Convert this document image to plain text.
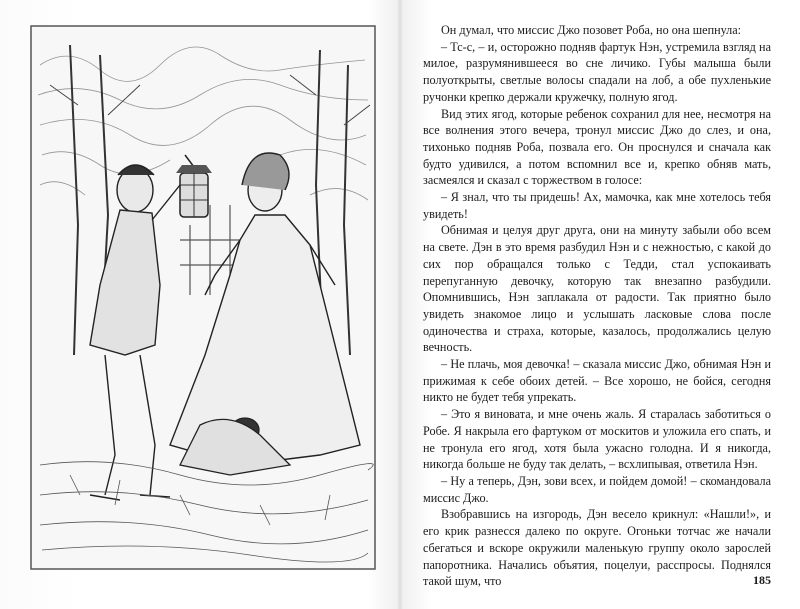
Он думал, что миссис Джо позовет Роба, но она шепнула:

– Тс-с, – и, осторожно подняв фартук Нэн, устремила взгляд на милое, разрумянившееся во сне личико. Губы малыша были полуоткрыты, светлые волосы спадали на лоб, а обе пухленькие ручонки крепко держали кружечку, полную ягод.

Вид этих ягод, которые ребенок сохранил для нее, несмотря на все волнения этого вечера, тронул миссис Джо до слез, и она, тихонько подняв Роба, позвала его. Он проснулся и сначала как будто удивился, а потом вспомнил все и, крепко обняв мать, засмеялся и сказал с торжеством в голосе:

– Я знал, что ты придешь! Ах, мамочка, как мне хотелось тебя увидеть!

Обнимая и целуя друг друга, они на минуту забыли обо всем на свете. Дэн в это время разбудил Нэн и с нежностью, с какой до сих пор обращался только с Тедди, стал успокаивать перепуганную девочку, которую так внезапно разбудили. Опомнившись, Нэн заплакала от радости. Так приятно было увидеть знакомое лицо и услышать ласковые слова после одиночества и страха, которые, казалось, продолжались целую вечность.

– Не плачь, моя девочка! – сказала миссис Джо, обнимая Нэн и прижимая к себе обоих детей. – Все хорошо, не бойся, сегодня никто не будет тебя упрекать.

– Это я виновата, и мне очень жаль. Я старалась заботиться о Робе. Я накрыла его фартуком от москитов и уложила его спать, и не тронула его ягод, хотя была ужасно голодна. И я никогда, никогда больше не буду так делать, – всхлипывая, ответила Нэн.

– Ну а теперь, Дэн, зови всех, и пойдем домой! – скомандовала миссис Джо.

Взобравшись на изгородь, Дэн весело крикнул: «Нашли!», и его крик разнесся далеко по округе. Огоньки тотчас же начали сбегаться и вскоре окружили маленькую группу около зарослей папоротника. Начались объятия, поцелуи, расспросы. Поднялся такой шум, что	185
